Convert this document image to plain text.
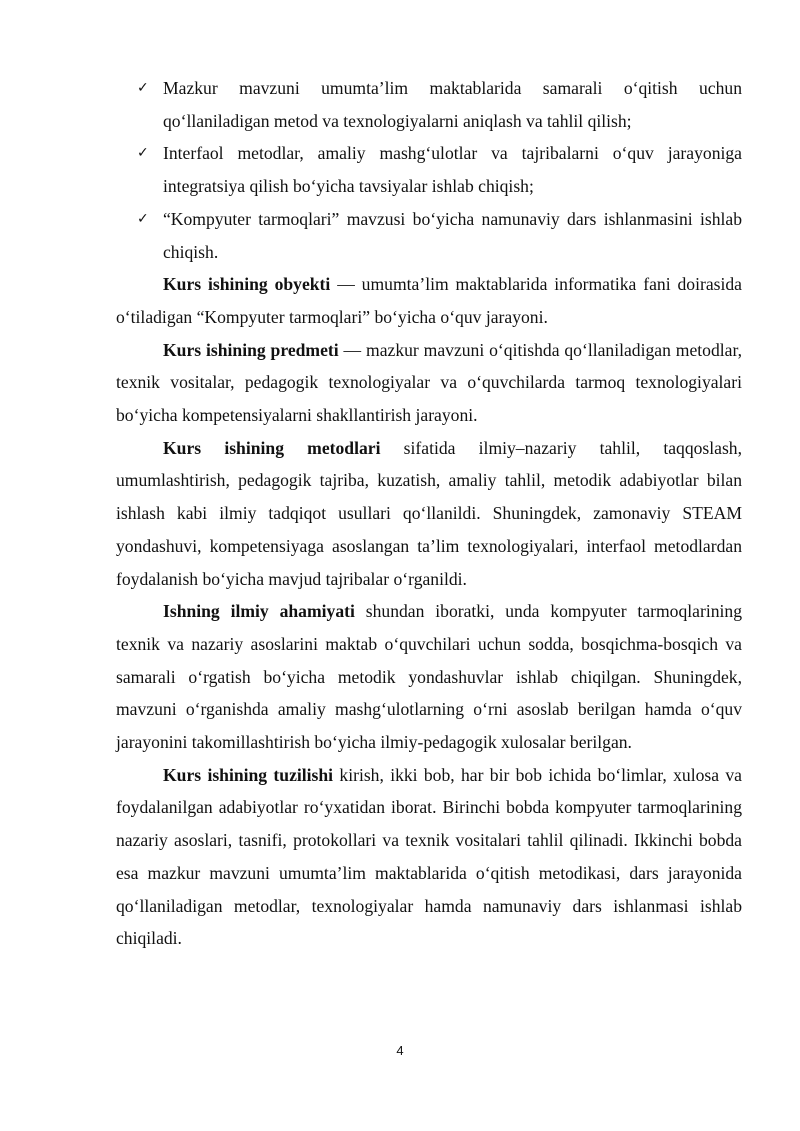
✓ Mazkur mavzuni umumta’lim maktablarida samarali o‘qitish uchun qo‘llaniladigan metod va texnologiyalarni aniqlash va tahlil qilish;
✓ Interfaol metodlar, amaliy mashg‘ulotlar va tajribalarni o‘quv jarayoniga integratsiya qilish bo‘yicha tavsiyalar ishlab chiqish;
✓ “Kompyuter tarmoqlari” mavzusi bo‘yicha namunaviy dars ishlanmasini ishlab chiqish.

Kurs ishining obyekti — umumta’lim maktablarida informatika fani doirasida o‘tiladigan “Kompyuter tarmoqlari” bo‘yicha o‘quv jarayoni.

Kurs ishining predmeti — mazkur mavzuni o‘qitishda qo‘llaniladigan metodlar, texnik vositalar, pedagogik texnologiyalar va o‘quvchilarda tarmoq texnologiyalari bo‘yicha kompetensiyalarni shakllantirish jarayoni.

Kurs ishining metodlari sifatida ilmiy–nazariy tahlil, taqqoslash, umumlashtirish, pedagogik tajriba, kuzatish, amaliy tahlil, metodik adabiyotlar bilan ishlash kabi ilmiy tadqiqot usullari qo‘llanildi. Shuningdek, zamonaviy STEAM yondashuvi, kompetensiyaga asoslangan ta’lim texnologiyalari, interfaol metodlardan foydalanish bo‘yicha mavjud tajribalar o‘rganildi.

Ishning ilmiy ahamiyati shundan iboratki, unda kompyuter tarmoqlarining texnik va nazariy asoslarini maktab o‘quvchilari uchun sodda, bosqichma-bosqich va samarali o‘rgatish bo‘yicha metodik yondashuvlar ishlab chiqilgan. Shuningdek, mavzuni o‘rganishda amaliy mashg‘ulotlarning o‘rni asoslab berilgan hamda o‘quv jarayonini takomillashtirish bo‘yicha ilmiy-pedagogik xulosalar berilgan.

Kurs ishining tuzilishi kirish, ikki bob, har bir bob ichida bo‘limlar, xulosa va foydalanilgan adabiyotlar ro‘yxatidan iborat. Birinchi bobda kompyuter tarmoqlarining nazariy asoslari, tasnifi, protokollari va texnik vositalari tahlil qilinadi. Ikkinchi bobda esa mazkur mavzuni umumta’lim maktablarida o‘qitish metodikasi, dars jarayonida qo‘llaniladigan metodlar, texnologiyalar hamda namunaviy dars ishlanmasi ishlab chiqiladi.

4
